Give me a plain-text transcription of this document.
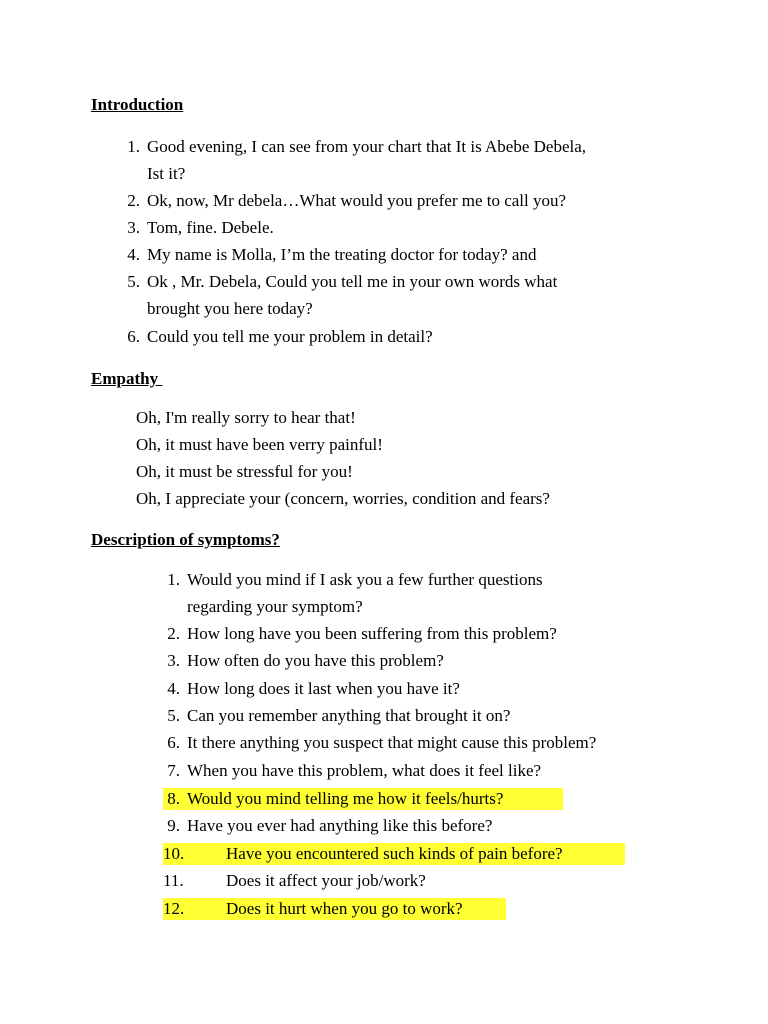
Introduction
1. Good evening, I can see from your chart that It is Abebe Debela,
Ist it?
2. Ok, now, Mr debela…What would you prefer me to call you?
3. Tom, fine. Debele.
4. My name is Molla, I’m the treating doctor for today? and
5. Ok , Mr. Debela, Could you tell me in your own words what
brought you here today?
6. Could you tell me your problem in detail?
Empathy
Oh, I'm really sorry to hear that!
Oh, it must have been verry painful!
Oh, it must be stressful for you!
Oh, I appreciate your (concern, worries, condition and fears?
Description of symptoms?
1. Would you mind if I ask you a few further questions
regarding your symptom?
2. How long have you been suffering from this problem?
3. How often do you have this problem?
4. How long does it last when you have it?
5. Can you remember anything that brought it on?
6. It there anything you suspect that might cause this problem?
7. When you have this problem, what does it feel like?
8. Would you mind telling me how it feels/hurts?
9. Have you ever had anything like this before?
10. Have you encountered such kinds of pain before?
11. Does it affect your job/work?
12. Does it hurt when you go to work?
